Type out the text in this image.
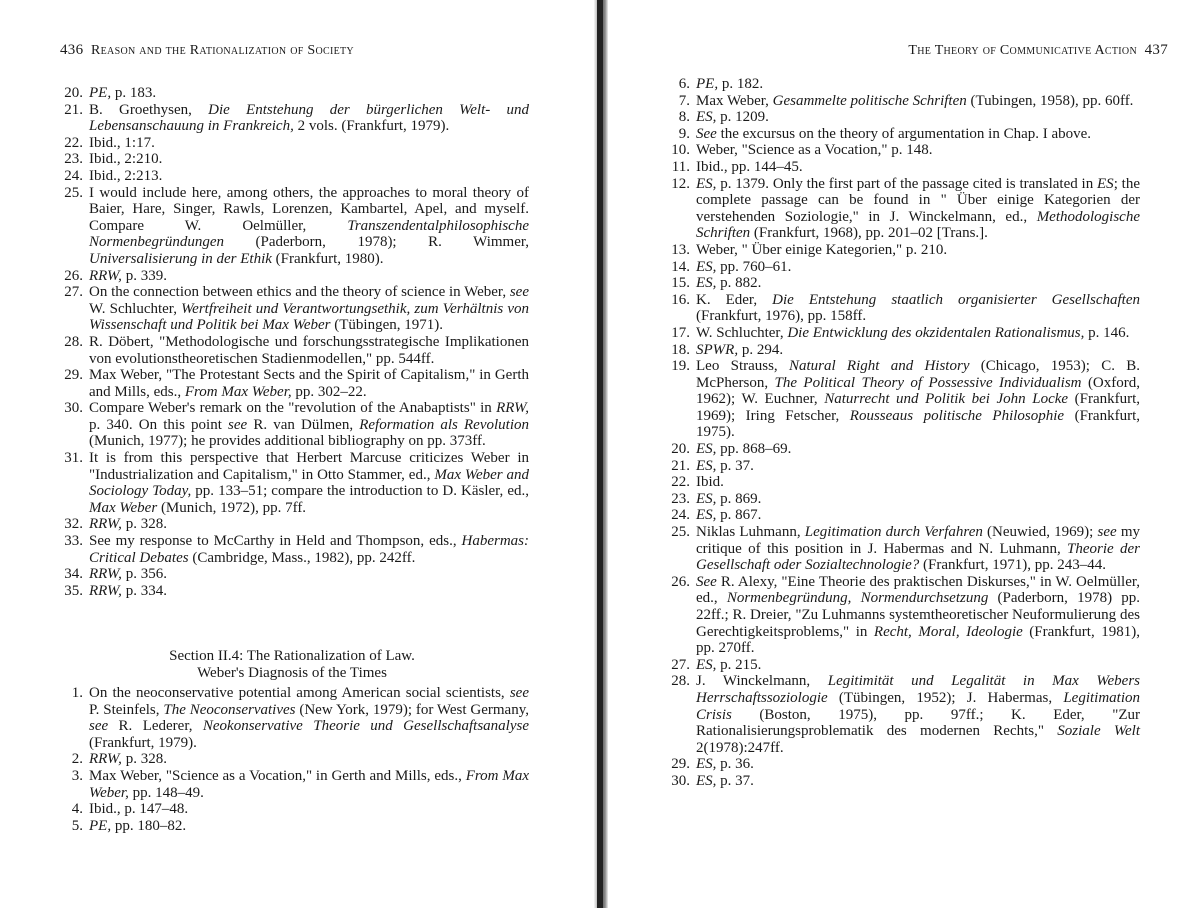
436 Reason and the Rationalization of Society
20. PE, p. 183.
21. B. Groethysen, Die Entstehung der bürgerlichen Welt- und Lebensanschauung in Frankreich, 2 vols. (Frankfurt, 1979).
22. Ibid., 1:17.
23. Ibid., 2:210.
24. Ibid., 2:213.
25. I would include here, among others, the approaches to moral theory of Baier, Hare, Singer, Rawls, Lorenzen, Kambartel, Apel, and myself. Compare W. Oelmüller, Transzendentalphilosophische Normenbegründungen (Paderborn, 1978); R. Wimmer, Universalisierung in der Ethik (Frankfurt, 1980).
26. RRW, p. 339.
27. On the connection between ethics and the theory of science in Weber, see W. Schluchter, Wertfreiheit und Verantwortungsethik, zum Verhältnis von Wissenschaft und Politik bei Max Weber (Tübingen, 1971).
28. R. Döbert, "Methodologische und forschungsstrategische Implikationen von evolutionstheoretischen Stadienmodellen," pp. 544ff.
29. Max Weber, "The Protestant Sects and the Spirit of Capitalism," in Gerth and Mills, eds., From Max Weber, pp. 302–22.
30. Compare Weber's remark on the "revolution of the Anabaptists" in RRW, p. 340. On this point see R. van Dülmen, Reformation als Revolution (Munich, 1977); he provides additional bibliography on pp. 373ff.
31. It is from this perspective that Herbert Marcuse criticizes Weber in "Industrialization and Capitalism," in Otto Stammer, ed., Max Weber and Sociology Today, pp. 133–51; compare the introduction to D. Käsler, ed., Max Weber (Munich, 1972), pp. 7ff.
32. RRW, p. 328.
33. See my response to McCarthy in Held and Thompson, eds., Habermas: Critical Debates (Cambridge, Mass., 1982), pp. 242ff.
34. RRW, p. 356.
35. RRW, p. 334.
Section II.4: The Rationalization of Law.
Weber's Diagnosis of the Times
1. On the neoconservative potential among American social scientists, see P. Steinfels, The Neoconservatives (New York, 1979); for West Germany, see R. Lederer, Neokonservative Theorie und Gesellschaftsanalyse (Frankfurt, 1979).
2. RRW, p. 328.
3. Max Weber, "Science as a Vocation," in Gerth and Mills, eds., From Max Weber, pp. 148–49.
4. Ibid., p. 147–48.
5. PE, pp. 180–82.
The Theory of Communicative Action 437
6. PE, p. 182.
7. Max Weber, Gesammelte politische Schriften (Tubingen, 1958), pp. 60ff.
8. ES, p. 1209.
9. See the excursus on the theory of argumentation in Chap. I above.
10. Weber, "Science as a Vocation," p. 148.
11. Ibid., pp. 144–45.
12. ES, p. 1379. Only the first part of the passage cited is translated in ES; the complete passage can be found in " Über einige Kategorien der verstehenden Soziologie," in J. Winckelmann, ed., Methodologische Schriften (Frankfurt, 1968), pp. 201–02 [Trans.].
13. Weber, " Über einige Kategorien," p. 210.
14. ES, pp. 760–61.
15. ES, p. 882.
16. K. Eder, Die Entstehung staatlich organisierter Gesellschaften (Frankfurt, 1976), pp. 158ff.
17. W. Schluchter, Die Entwicklung des okzidentalen Rationalismus, p. 146.
18. SPWR, p. 294.
19. Leo Strauss, Natural Right and History (Chicago, 1953); C. B. McPherson, The Political Theory of Possessive Individualism (Oxford, 1962); W. Euchner, Naturrecht und Politik bei John Locke (Frankfurt, 1969); Iring Fetscher, Rousseaus politische Philosophie (Frankfurt, 1975).
20. ES, pp. 868–69.
21. ES, p. 37.
22. Ibid.
23. ES, p. 869.
24. ES, p. 867.
25. Niklas Luhmann, Legitimation durch Verfahren (Neuwied, 1969); see my critique of this position in J. Habermas and N. Luhmann, Theorie der Gesellschaft oder Sozialtechnologie? (Frankfurt, 1971), pp. 243–44.
26. See R. Alexy, "Eine Theorie des praktischen Diskurses," in W. Oelmüller, ed., Normenbegründung, Normendurchsetzung (Paderborn, 1978) pp. 22ff.; R. Dreier, "Zu Luhmanns systemtheoretischer Neuformulierung des Gerechtigkeitsproblems," in Recht, Moral, Ideologie (Frankfurt, 1981), pp. 270ff.
27. ES, p. 215.
28. J. Winckelmann, Legitimität und Legalität in Max Webers Herrschaftssoziologie (Tübingen, 1952); J. Habermas, Legitimation Crisis (Boston, 1975), pp. 97ff.; K. Eder, "Zur Rationalisierungsproblematik des modernen Rechts," Soziale Welt 2(1978):247ff.
29. ES, p. 36.
30. ES, p. 37.
